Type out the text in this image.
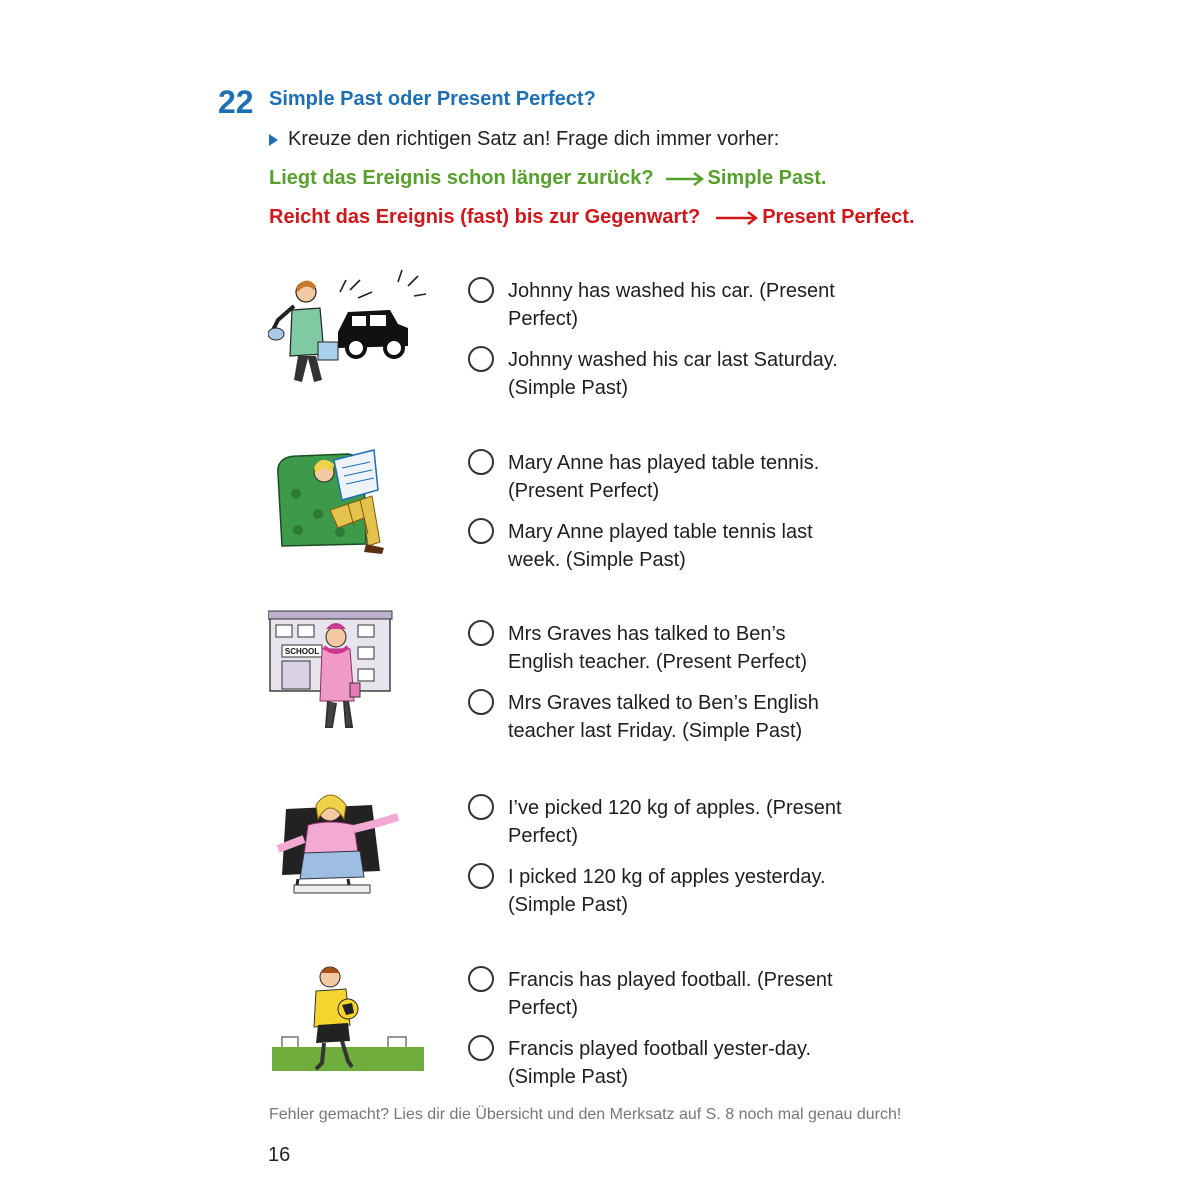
22 Simple Past oder Present Perfect?
Kreuze den richtigen Satz an! Frage dich immer vorher:
Liegt das Ereignis schon länger zurück?	Simple Past.
Reicht das Ereignis (fast) bis zur Gegenwart?	Present Perfect.
Johnny has washed his car. (Present Perfect)
Johnny washed his car last Saturday. (Simple Past)
Mary Anne has played table tennis. (Present Perfect)
Mary Anne played table tennis last week. (Simple Past)
SCHOOL
Mrs Graves has talked to Ben’s English teacher. (Present Perfect)
Mrs Graves talked to Ben’s English teacher last Friday. (Simple Past)
I’ve picked 120 kg of apples. (Present Perfect)
I picked 120 kg of apples yesterday. (Simple Past)
Francis has played football. (Present Perfect)
Francis played football yester-day. (Simple Past)
Fehler gemacht? Lies dir die Übersicht und den Merksatz auf S. 8 noch mal genau durch!
16
